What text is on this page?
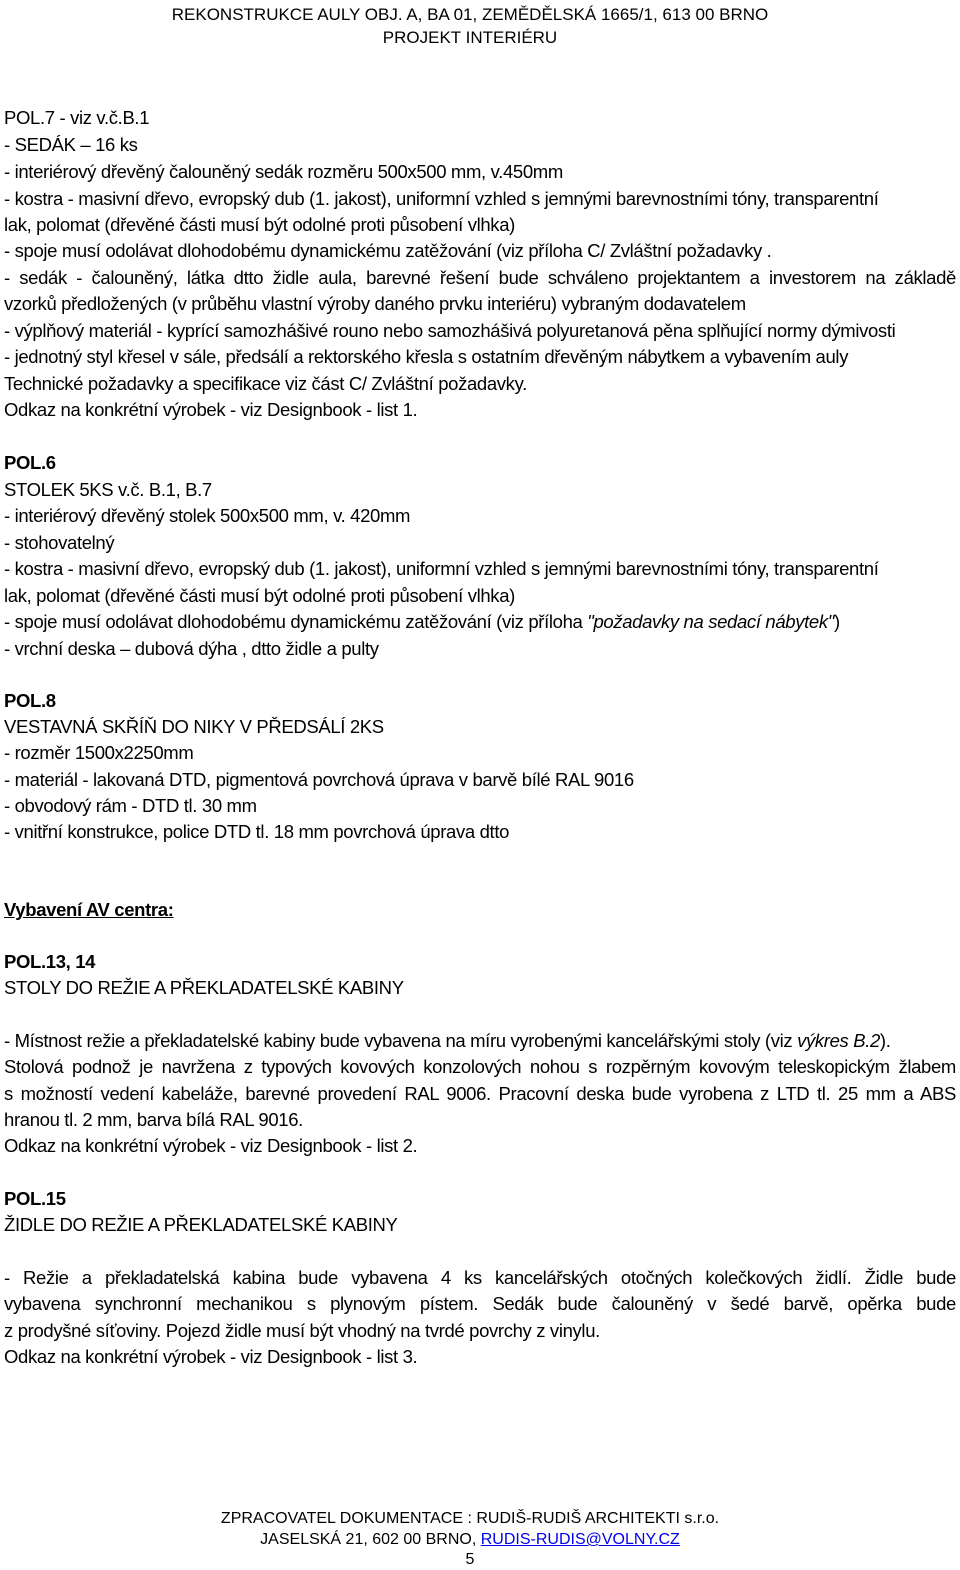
REKONSTRUKCE AULY OBJ. A, BA 01, ZEMĚDĚLSKÁ 1665/1, 613 00 BRNO
PROJEKT INTERIÉRU
POL.7 - viz v.č.B.1
- SEDÁK – 16 ks
- interiérový dřevěný čalouněný sedák rozměru 500x500 mm, v.450mm
- kostra - masivní dřevo, evropský dub (1. jakost), uniformní vzhled s jemnými barevnostními tóny, transparentní
lak, polomat (dřevěné části musí být odolné proti působení vlhka)
- spoje musí odolávat dlohodobému dynamickému zatěžování (viz příloha C/ Zvláštní požadavky .
- sedák - čalouněný, látka dtto židle aula, barevné řešení bude schváleno projektantem a investorem na základě
vzorků předložených (v průběhu vlastní výroby daného prvku interiéru) vybraným dodavatelem
- výplňový materiál - kyprící samozhášivé rouno nebo samozhášivá polyuretanová pěna splňující normy dýmivosti
- jednotný styl křesel v sále, předsálí a rektorského křesla s ostatním dřevěným nábytkem a vybavením auly
Technické požadavky a specifikace viz část C/ Zvláštní požadavky.
Odkaz na konkrétní výrobek - viz Designbook - list 1.
POL.6
STOLEK 5KS v.č. B.1, B.7
- interiérový dřevěný stolek 500x500 mm, v. 420mm
- stohovatelný
- kostra - masivní dřevo, evropský dub (1. jakost), uniformní vzhled s jemnými barevnostními tóny, transparentní
lak, polomat (dřevěné části musí být odolné proti působení vlhka)
- spoje musí odolávat dlohodobému dynamickému zatěžování (viz příloha "požadavky na sedací nábytek")
- vrchní deska – dubová dýha , dtto židle a pulty
POL.8
VESTAVNÁ SKŘÍŇ DO NIKY V PŘEDSÁLÍ 2KS
- rozměr 1500x2250mm
- materiál - lakovaná DTD, pigmentová povrchová úprava v barvě bílé RAL 9016
- obvodový rám - DTD tl. 30 mm
- vnitřní konstrukce, police DTD tl. 18 mm povrchová úprava dtto
Vybavení AV centra:
POL.13, 14
STOLY DO REŽIE A PŘEKLADATELSKÉ KABINY
- Místnost režie a překladatelské kabiny bude vybavena na míru vyrobenými kancelářskými stoly (viz výkres B.2).
Stolová podnož je navržena z typových kovových konzolových nohou s rozpěrným kovovým teleskopickým žlabem
s možností vedení kabeláže, barevné provedení RAL 9006. Pracovní deska bude vyrobena z LTD tl. 25 mm a ABS
hranou tl. 2 mm, barva bílá RAL 9016.
Odkaz na konkrétní výrobek - viz Designbook - list 2.
POL.15
ŽIDLE DO REŽIE A PŘEKLADATELSKÉ KABINY
- Režie a překladatelská kabina bude vybavena 4 ks kancelářských otočných kolečkových židlí. Židle bude
vybavena synchronní mechanikou s plynovým pístem. Sedák bude čalouněný v šedé barvě, opěrka bude
z prodyšné síťoviny. Pojezd židle musí být vhodný na tvrdé povrchy z vinylu.
Odkaz na konkrétní výrobek - viz Designbook - list 3.
ZPRACOVATEL DOKUMENTACE : RUDIŠ-RUDIŠ ARCHITEKTI s.r.o.
JASELSKÁ 21, 602 00 BRNO, RUDIS-RUDIS@VOLNY.CZ
5
